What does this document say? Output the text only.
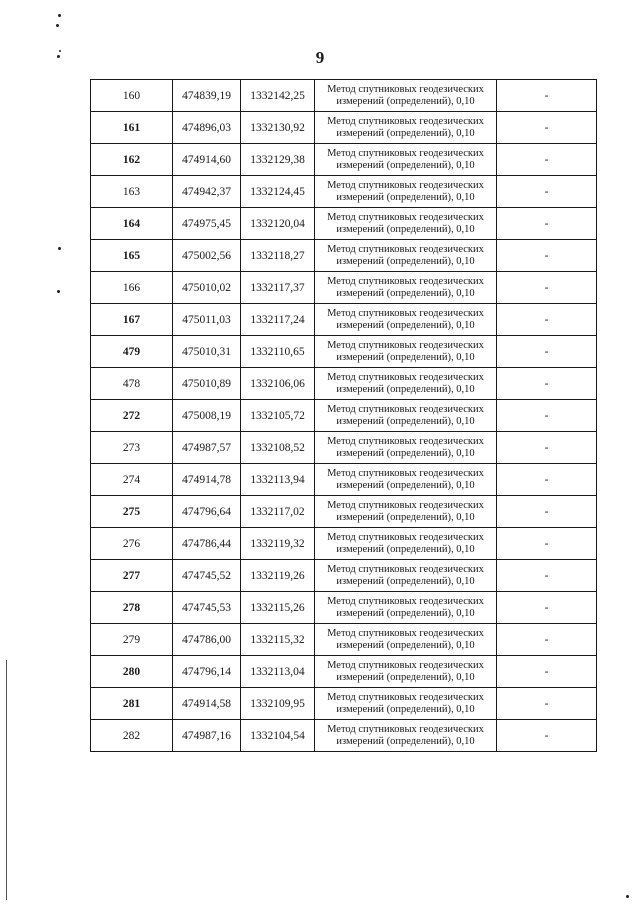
9
160	474839,19	1332142,25	Метод спутниковых геодезических
измерений (определений), 0,10	-
161	474896,03	1332130,92	Метод спутниковых геодезических
измерений (определений), 0,10	-
162	474914,60	1332129,38	Метод спутниковых геодезических
измерений (определений), 0,10	-
163	474942,37	1332124,45	Метод спутниковых геодезических
измерений (определений), 0,10	-
164	474975,45	1332120,04	Метод спутниковых геодезических
измерений (определений), 0,10	-
165	475002,56	1332118,27	Метод спутниковых геодезических
измерений (определений), 0,10	-
166	475010,02	1332117,37	Метод спутниковых геодезических
измерений (определений), 0,10	-
167	475011,03	1332117,24	Метод спутниковых геодезических
измерений (определений), 0,10	-
479	475010,31	1332110,65	Метод спутниковых геодезических
измерений (определений), 0,10	-
478	475010,89	1332106,06	Метод спутниковых геодезических
измерений (определений), 0,10	-
272	475008,19	1332105,72	Метод спутниковых геодезических
измерений (определений), 0,10	-
273	474987,57	1332108,52	Метод спутниковых геодезических
измерений (определений), 0,10	-
274	474914,78	1332113,94	Метод спутниковых геодезических
измерений (определений), 0,10	-
275	474796,64	1332117,02	Метод спутниковых геодезических
измерений (определений), 0,10	-
276	474786,44	1332119,32	Метод спутниковых геодезических
измерений (определений), 0,10	-
277	474745,52	1332119,26	Метод спутниковых геодезических
измерений (определений), 0,10	-
278	474745,53	1332115,26	Метод спутниковых геодезических
измерений (определений), 0,10	-
279	474786,00	1332115,32	Метод спутниковых геодезических
измерений (определений), 0,10	-
280	474796,14	1332113,04	Метод спутниковых геодезических
измерений (определений), 0,10	-
281	474914,58	1332109,95	Метод спутниковых геодезических
измерений (определений), 0,10	-
282	474987,16	1332104,54	Метод спутниковых геодезических
измерений (определений), 0,10	-
